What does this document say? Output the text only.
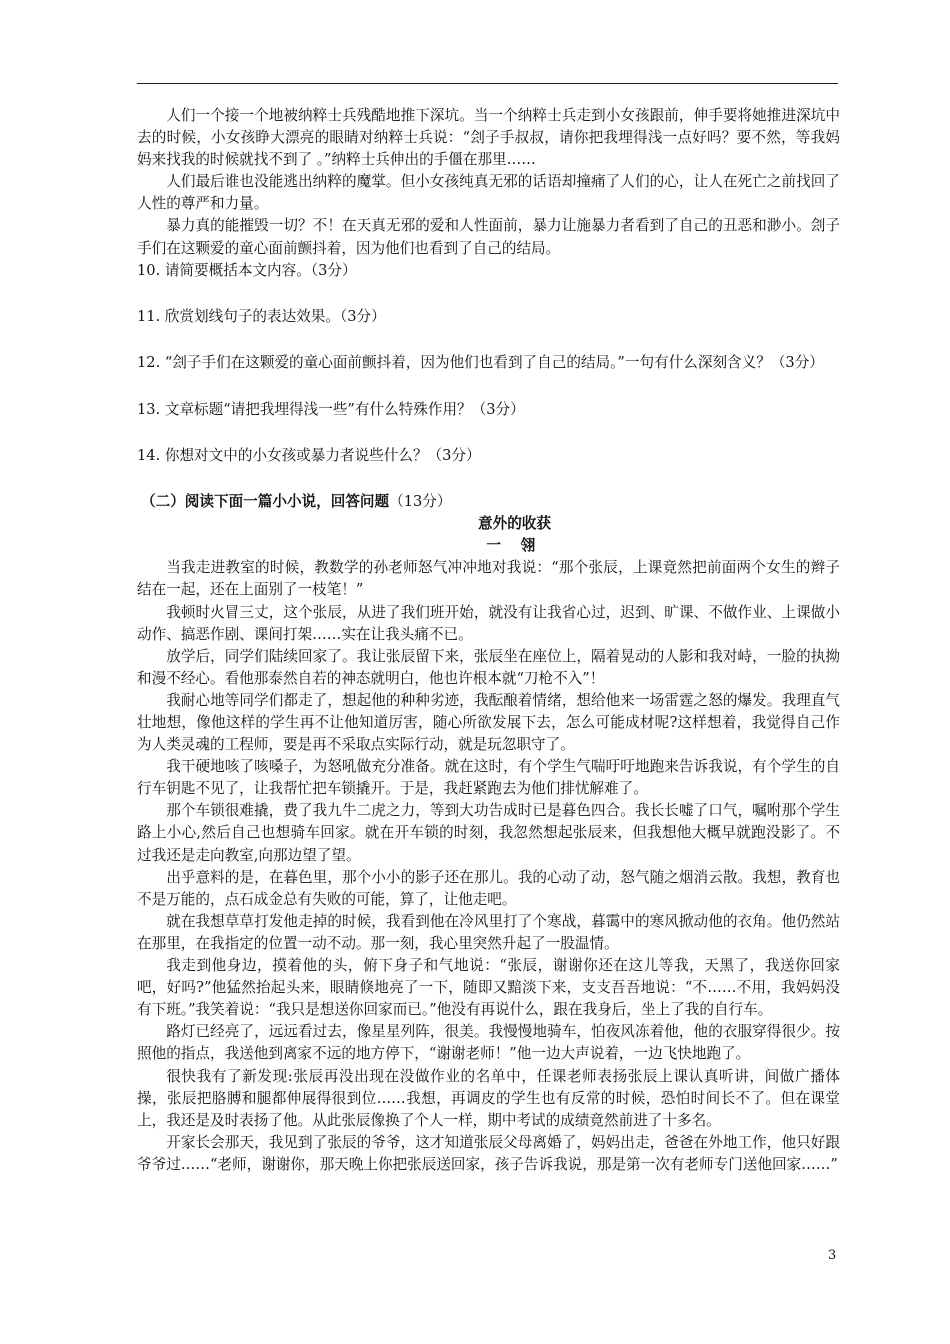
人们一个接一个地被纳粹士兵残酷地推下深坑。当一个纳粹士兵走到小女孩跟前，伸手要将她推进深坑中去的时候，小女孩睁大漂亮的眼睛对纳粹士兵说：“刽子手叔叔，请你把我埋得浅一点好吗？要不然，等我妈妈来找我的时候就找不到了 。”纳粹士兵伸出的手僵在那里……

人们最后谁也没能逃出纳粹的魔掌。但小女孩纯真无邪的话语却撞痛了人们的心，让人在死亡之前找回了人性的尊严和力量。

暴力真的能摧毁一切？不！在天真无邪的爱和人性面前，暴力让施暴力者看到了自己的丑恶和渺小。刽子手们在这颗爱的童心面前颤抖着，因为他们也看到了自己的结局。

10. 请简要概括本文内容。（3分）

11. 欣赏划线句子的表达效果。（3分）

12. “刽子手们在这颗爱的童心面前颤抖着，因为他们也看到了自己的结局。”一句有什么深刻含义？（3分）

13. 文章标题“请把我埋得浅一些”有什么特殊作用？（3分）

14. 你想对文中的小女孩或暴力者说些什么？（3分）

（二）阅读下面一篇小小说，回答问题（13分）

意外的收获

一 翎

当我走进教室的时候，教数学的孙老师怒气冲冲地对我说：“那个张辰，上课竟然把前面两个女生的辫子结在一起，还在上面别了一枝笔！”

我顿时火冒三丈，这个张辰，从进了我们班开始，就没有让我省心过，迟到、旷课、不做作业、上课做小动作、搞恶作剧、课间打架……实在让我头痛不已。

放学后，同学们陆续回家了。我让张辰留下来，张辰坐在座位上，隔着晃动的人影和我对峙，一脸的执拗和漫不经心。看他那泰然自若的神态就明白，他也许根本就“刀枪不入”！

我耐心地等同学们都走了，想起他的种种劣迹，我酝酿着情绪，想给他来一场雷霆之怒的爆发。我理直气壮地想，像他这样的学生再不让他知道厉害，随心所欲发展下去，怎么可能成材呢?这样想着，我觉得自己作为人类灵魂的工程师，要是再不采取点实际行动，就是玩忽职守了。

我干硬地咳了咳嗓子，为怒吼做充分准备。就在这时，有个学生气喘吁吁地跑来告诉我说，有个学生的自行车钥匙不见了，让我帮忙把车锁撬开。于是，我赶紧跑去为他们排忧解难了。

那个车锁很难撬，费了我九牛二虎之力，等到大功告成时已是暮色四合。我长长嘘了口气，嘱咐那个学生路上小心,然后自己也想骑车回家。就在开车锁的时刻，我忽然想起张辰来，但我想他大概早就跑没影了。不过我还是走向教室,向那边望了望。

出乎意料的是，在暮色里，那个小小的影子还在那儿。我的心动了动，怒气随之烟消云散。我想，教育也不是万能的，点石成金总有失败的可能，算了，让他走吧。

就在我想草草打发他走掉的时候，我看到他在冷风里打了个寒战，暮霭中的寒风掀动他的衣角。他仍然站在那里，在我指定的位置一动不动。那一刻，我心里突然升起了一股温情。

我走到他身边，摸着他的头，俯下身子和气地说：“张辰，谢谢你还在这儿等我，天黑了，我送你回家吧，好吗?”他猛然抬起头来，眼睛倏地亮了一下，随即又黯淡下来，支支吾吾地说：“不……不用，我妈妈没有下班。”我笑着说：“我只是想送你回家而已。”他没有再说什么，跟在我身后，坐上了我的自行车。

路灯已经亮了，远远看过去，像星星列阵，很美。我慢慢地骑车，怕夜风冻着他，他的衣服穿得很少。按照他的指点，我送他到离家不远的地方停下，“谢谢老师！”他一边大声说着，一边飞快地跑了。

很快我有了新发现:张辰再没出现在没做作业的名单中，任课老师表扬张辰上课认真听讲，间做广播体操，张辰把胳膊和腿都伸展得很到位……我想，再调皮的学生也有反常的时候，恐怕时间长不了。但在课堂上，我还是及时表扬了他。从此张辰像换了个人一样，期中考试的成绩竟然前进了十多名。

开家长会那天，我见到了张辰的爷爷，这才知道张辰父母离婚了，妈妈出走，爸爸在外地工作，他只好跟爷爷过……“老师，谢谢你，那天晚上你把张辰送回家，孩子告诉我说，那是第一次有老师专门送他回家……”

3
